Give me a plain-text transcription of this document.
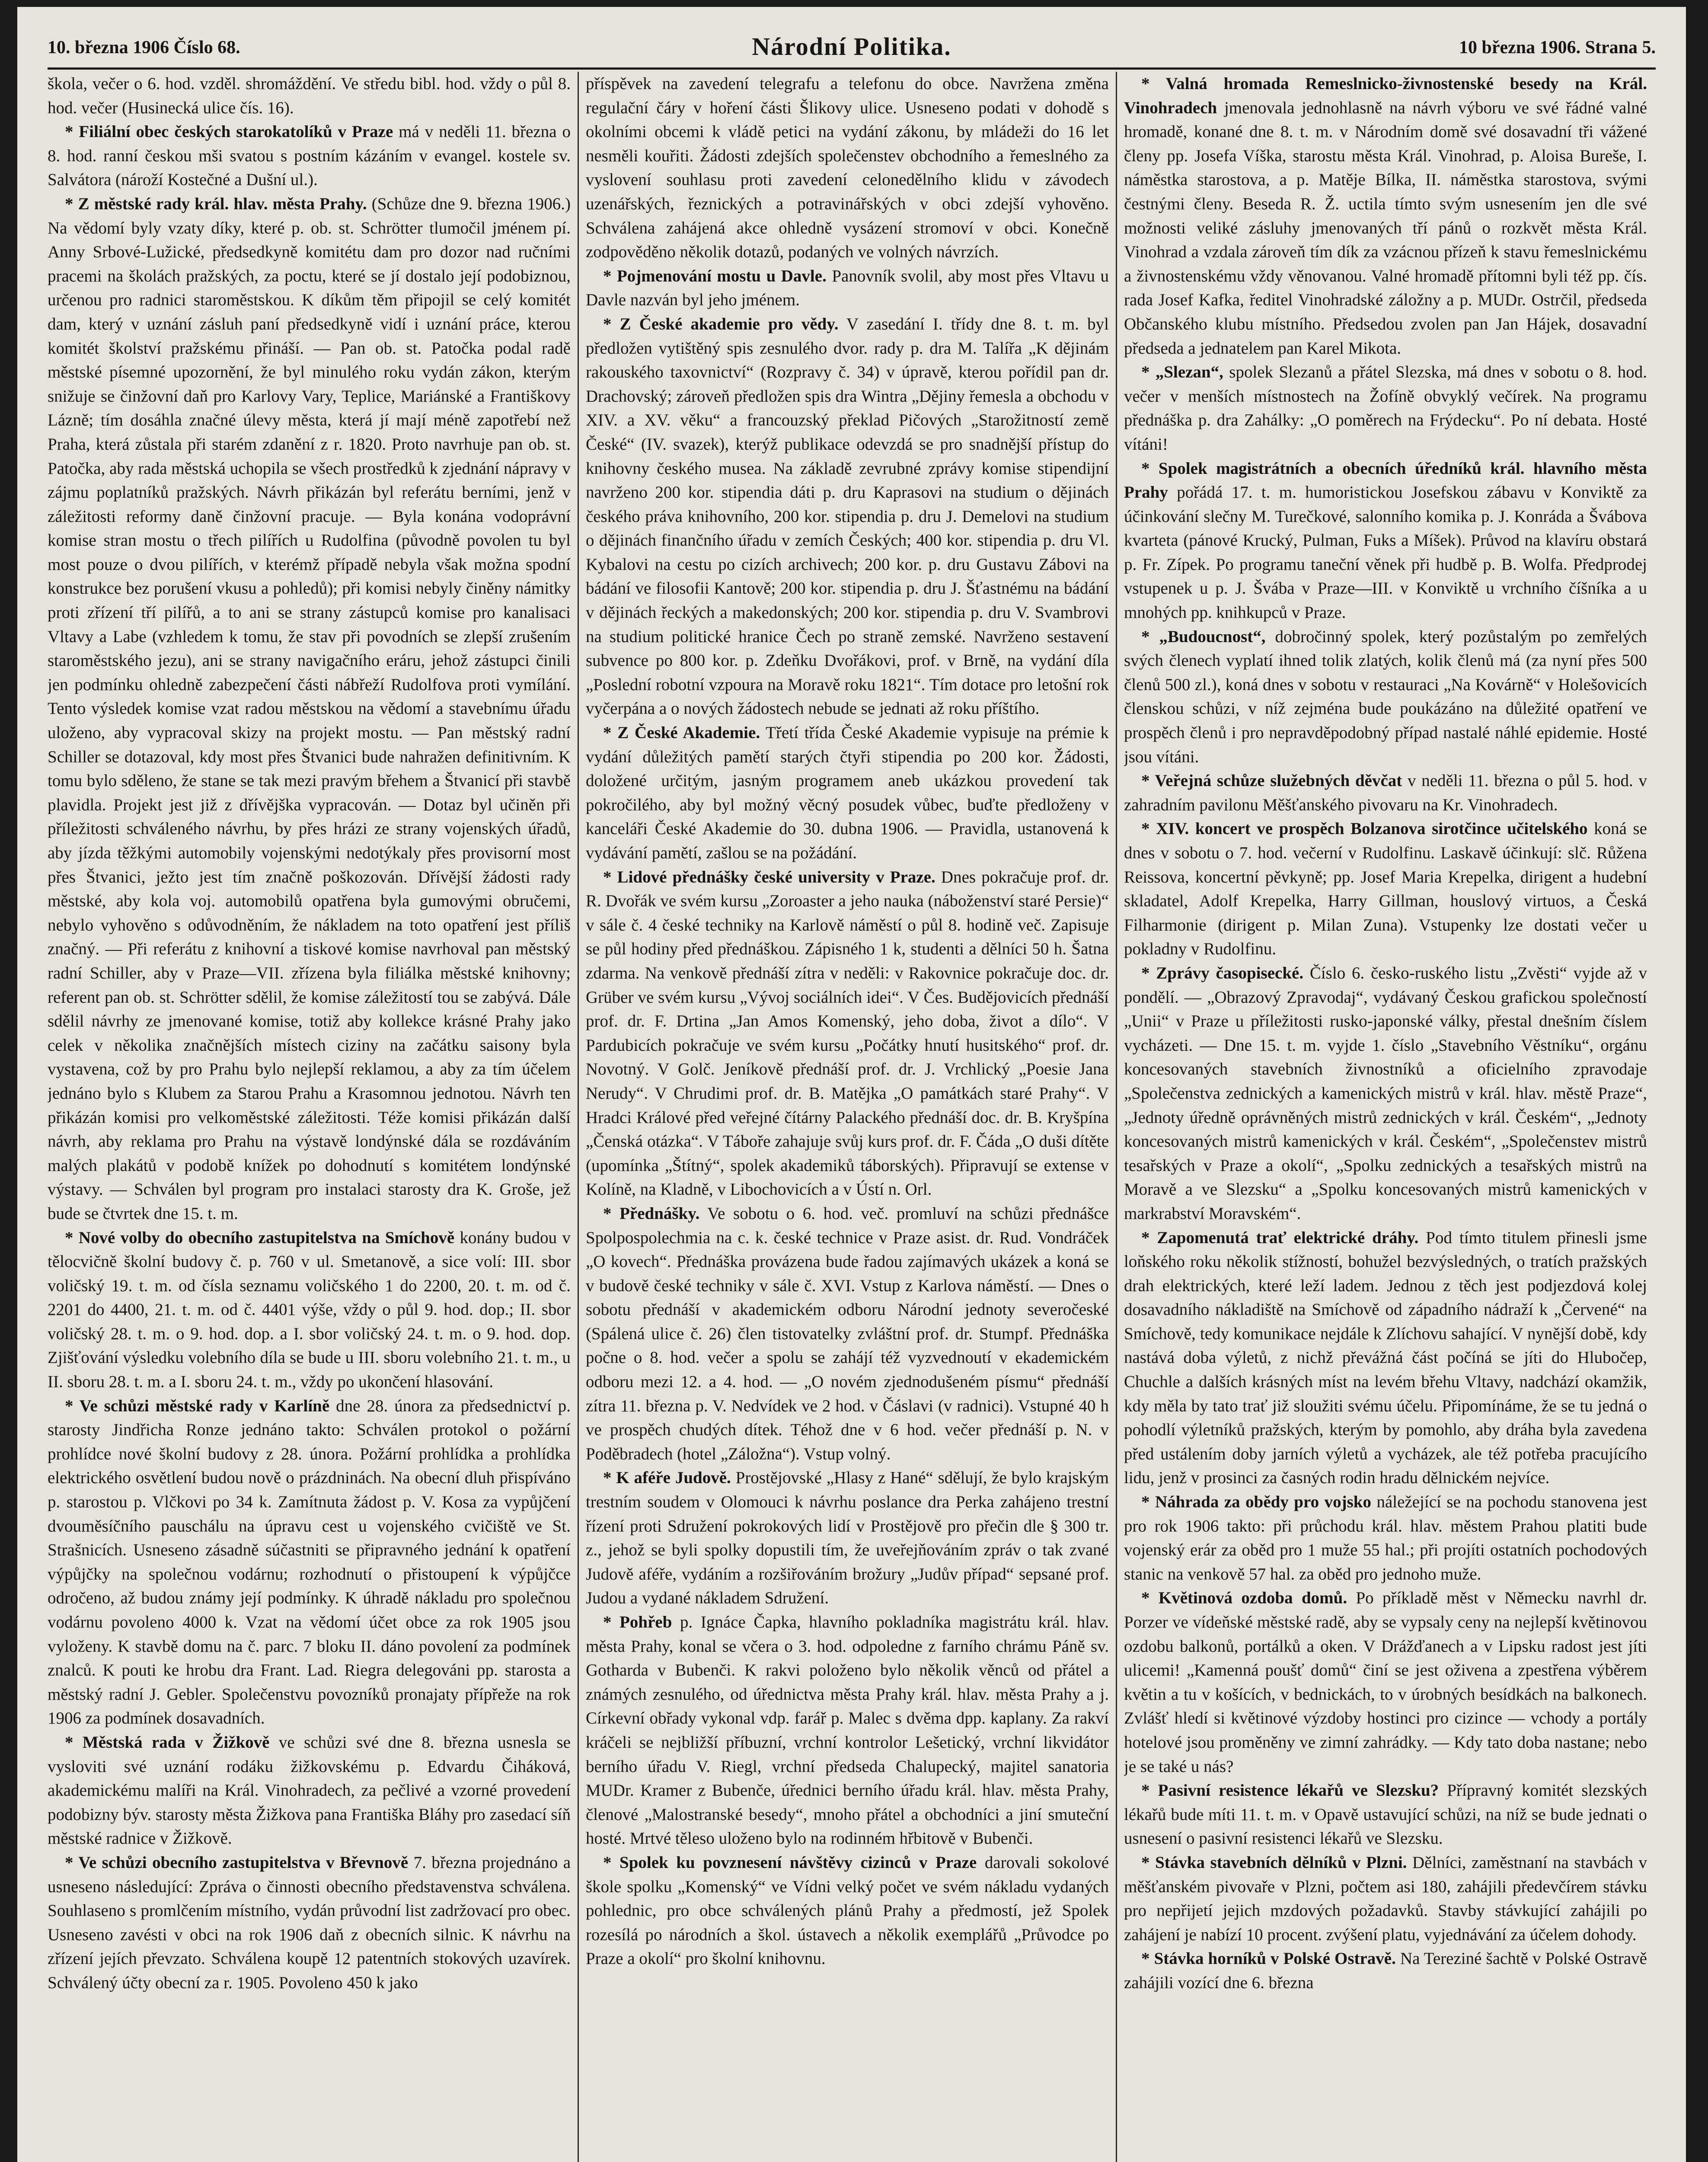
10. března 1906 Číslo 68.	Národní Politika.	10 března 1906. Strana 5.

škola, večer o 6. hod. vzděl. shromáždění. Ve středu bibl. hod. vždy o půl 8. hod. večer (Husinecká ulice čís. 16).

* Filiální obec českých starokatolíků v Praze má v neděli 11. března o 8. hod. ranní českou mši svatou s postním kázáním v evangel. kostele sv. Salvátora (nároží Kostečné a Dušní ul.).

* Z městské rady král. hlav. města Prahy. (Schůze dne 9. března 1906.) Na vědomí byly vzaty díky, které p. ob. st. Schrötter tlumočil jménem pí. Anny Srbové-Lužické, předsedkyně komitétu dam pro dozor nad ručními pracemi na školách pražských, za poctu, které se jí dostalo její podobiznou, určenou pro radnici staroměstskou. K díkům těm připojil se celý komitét dam, který v uznání zásluh paní předsedkyně vidí i uznání práce, kterou komitét školství pražskému přináší. — Pan ob. st. Patočka podal radě městské písemné upozornění, že byl minulého roku vydán zákon, kterým snižuje se činžovní daň pro Karlovy Vary, Teplice, Mariánské a Františkovy Lázně; tím dosáhla značné úlevy města, která jí mají méně zapotřebí než Praha, která zůstala při starém zdanění z r. 1820. Proto navrhuje pan ob. st. Patočka, aby rada městská uchopila se všech prostředků k zjednání nápravy v zájmu poplatníků pražských. Návrh přikázán byl referátu berními, jenž v záležitosti reformy daně činžovní pracuje. — Byla konána vodoprávní komise stran mostu o třech pilířích u Rudolfina (původně povolen tu byl most pouze o dvou pilířích, v kterémž případě nebyla však možna spodní konstrukce bez porušení vkusu a pohledů); při komisi nebyly činěny námitky proti zřízení tří pilířů, a to ani se strany zástupců komise pro kanalisaci Vltavy a Labe (vzhledem k tomu, že stav při povodních se zlepší zrušením staroměstského jezu), ani se strany navigačního eráru, jehož zástupci činili jen podmínku ohledně zabezpečení části nábřeží Rudolfova proti vymílání. Tento výsledek komise vzat radou městskou na vědomí a stavebnímu úřadu uloženo, aby vypracoval skizy na projekt mostu. — Pan městský radní Schiller se dotazoval, kdy most přes Štvanici bude nahražen definitivním. K tomu bylo sděleno, že stane se tak mezi pravým břehem a Štvanicí při stavbě plavidla. Projekt jest již z dřívějška vypracován. — Dotaz byl učiněn při příležitosti schváleného návrhu, by přes hrázi ze strany vojenských úřadů, aby jízda těžkými automobily vojenskými nedotýkaly přes provisorní most přes Štvanici, ježto jest tím značně poškozován. Dřívější žádosti rady městské, aby kola voj. automobilů opatřena byla gumovými obručemi, nebylo vyhověno s odůvodněním, že nákladem na toto opatření jest příliš značný. — Při referátu z knihovní a tiskové komise navrhoval pan městský radní Schiller, aby v Praze—VII. zřízena byla filiálka městské knihovny; referent pan ob. st. Schrötter sdělil, že komise záležitostí tou se zabývá. Dále sdělil návrhy ze jmenované komise, totiž aby kollekce krásné Prahy jako celek v několika značnějších místech ciziny na začátku saisony byla vystavena, což by pro Prahu bylo nejlepší reklamou, a aby za tím účelem jednáno bylo s Klubem za Starou Prahu a Krasomnou jednotou. Návrh ten přikázán komisi pro velkoměstské záležitosti. Téže komisi přikázán další návrh, aby reklama pro Prahu na výstavě londýnské dála se rozdáváním malých plakátů v podobě knížek po dohodnutí s komitétem londýnské výstavy. — Schválen byl program pro instalaci starosty dra K. Groše, jež bude se čtvrtek dne 15. t. m.

* Nové volby do obecního zastupitelstva na Smíchově konány budou v tělocvičně školní budovy č. p. 760 v ul. Smetanově, a sice volí: III. sbor voličský 19. t. m. od čísla seznamu voličského 1 do 2200, 20. t. m. od č. 2201 do 4400, 21. t. m. od č. 4401 výše, vždy o půl 9. hod. dop.; II. sbor voličský 28. t. m. o 9. hod. dop. a I. sbor voličský 24. t. m. o 9. hod. dop. Zjišťování výsledku volebního díla se bude u III. sboru volebního 21. t. m., u II. sboru 28. t. m. a I. sboru 24. t. m., vždy po ukončení hlasování.

* Ve schůzi městské rady v Karlíně dne 28. února za předsednictví p. starosty Jindřicha Ronze jednáno takto: Schválen protokol o požární prohlídce nové školní budovy z 28. února. Požární prohlídka a prohlídka elektrického osvětlení budou nově o prázdninách. Na obecní dluh přispíváno p. starostou p. Vlčkovi po 34 k. Zamítnuta žádost p. V. Kosa za vypůjčení dvouměsíčního pauschálu na úpravu cest u vojenského cvičiště ve St. Strašnicích. Usneseno zásadně súčastniti se připravného jednání k opatření výpůjčky na společnou vodárnu; rozhodnutí o přistoupení k výpůjčce odročeno, až budou známy její podmínky. K úhradě nákladu pro společnou vodárnu povoleno 4000 k. Vzat na vědomí účet obce za rok 1905 jsou vyloženy. K stavbě domu na č. parc. 7 bloku II. dáno povolení za podmínek znalců. K pouti ke hrobu dra Frant. Lad. Riegra delegováni pp. starosta a městský radní J. Gebler. Společenstvu povozníků pronajaty přípřeže na rok 1906 za podmínek dosavadních.

* Městská rada v Žižkově ve schůzi své dne 8. března usnesla se vysloviti své uznání rodáku žižkovskému p. Edvardu Čiháková, akademickému malíři na Král. Vinohradech, za pečlivé a vzorné provedení podobizny býv. starosty města Žižkova pana Františka Bláhy pro zasedací síň městské radnice v Žižkově.

* Ve schůzi obecního zastupitelstva v Břevnově 7. března projednáno a usneseno následující: Zpráva o činnosti obecního představenstva schválena. Souhlaseno s promlčením místního, vydán průvodní list zadržovací pro obec. Usneseno zavésti v obci na rok 1906 daň z obecních silnic. K návrhu na zřízení jejích převzato. Schválena koupě 12 patentních stokových uzavírek. Schválený účty obecní za r. 1905. Povoleno 450 k jako

příspěvek na zavedení telegrafu a telefonu do obce. Navržena změna regulační čáry v hoření části Šlikovy ulice. Usneseno podati v dohodě s okolními obcemi k vládě petici na vydání zákonu, by mládeži do 16 let nesměli kouřiti. Žádosti zdejších společenstev obchodního a řemeslného za vyslovení souhlasu proti zavedení celonedělního klidu v závodech uzenářských, řeznických a potravinářských v obci zdejší vyhověno. Schválena zahájená akce ohledně vysázení stromoví v obci. Konečně zodpověděno několik dotazů, podaných ve volných návrzích.

* Pojmenování mostu u Davle. Panovník svolil, aby most přes Vltavu u Davle nazván byl jeho jménem.

* Z České akademie pro vědy. V zasedání I. třídy dne 8. t. m. byl předložen vytištěný spis zesnulého dvor. rady p. dra M. Talířa „K dějinám rakouského taxovnictví“ (Rozpravy č. 34) v úpravě, kterou pořídil pan dr. Drachovský; zároveň předložen spis dra Wintra „Dějiny řemesla a obchodu v XIV. a XV. věku“ a francouzský překlad Pičových „Starožitností země České“ (IV. svazek), kterýž publikace odevzdá se pro snadnější přístup do knihovny českého musea. Na základě zevrubné zprávy komise stipendijní navrženo 200 kor. stipendia dáti p. dru Kaprasovi na studium o dějinách českého práva knihovního, 200 kor. stipendia p. dru J. Demelovi na studium o dějinách finančního úřadu v zemích Českých; 400 kor. stipendia p. dru Vl. Kybalovi na cestu po cizích archivech; 200 kor. p. dru Gustavu Zábovi na bádání ve filosofii Kantově; 200 kor. stipendia p. dru J. Šťastnému na bádání v dějinách řeckých a makedonských; 200 kor. stipendia p. dru V. Svambrovi na studium politické hranice Čech po straně zemské. Navrženo sestavení subvence po 800 kor. p. Zdeňku Dvořákovi, prof. v Brně, na vydání díla „Poslední robotní vzpoura na Moravě roku 1821“. Tím dotace pro letošní rok vyčerpána a o nových žádostech nebude se jednati až roku příštího.

* Z České Akademie. Třetí třída České Akademie vypisuje na prémie k vydání důležitých pamětí starých čtyři stipendia po 200 kor. Žádosti, doložené určitým, jasným programem aneb ukázkou provedení tak pokročilého, aby byl možný věcný posudek vůbec, buďte předloženy v kanceláři České Akademie do 30. dubna 1906. — Pravidla, ustanovená k vydávání pamětí, zašlou se na požádání.

* Lidové přednášky české university v Praze. Dnes pokračuje prof. dr. R. Dvořák ve svém kursu „Zoroaster a jeho nauka (náboženství staré Persie)“ v sále č. 4 české techniky na Karlově náměstí o půl 8. hodině več. Zapisuje se půl hodiny před přednáškou. Zápisného 1 k, studenti a dělníci 50 h. Šatna zdarma. Na venkově přednáší zítra v neděli: v Rakovnice pokračuje doc. dr. Grüber ve svém kursu „Vývoj sociálních idei“. V Čes. Budějovicích přednáší prof. dr. F. Drtina „Jan Amos Komenský, jeho doba, život a dílo“. V Pardubicích pokračuje ve svém kursu „Počátky hnutí husitského“ prof. dr. Novotný. V Golč. Jeníkově přednáší prof. dr. J. Vrchlický „Poesie Jana Nerudy“. V Chrudimi prof. dr. B. Matějka „O památkách staré Prahy“. V Hradci Králové před veřejné čítárny Palackého přednáší doc. dr. B. Kryšpína „Čenská otázka“. V Táboře zahajuje svůj kurs prof. dr. F. Čáda „O duši dítěte (upomínka „Štítný“, spolek akademiků táborských). Připravují se extense v Kolíně, na Kladně, v Libochovicích a v Ústí n. Orl.

* Přednášky. Ve sobotu o 6. hod. več. promluví na schůzi přednášce Spolpospolechmia na c. k. české technice v Praze asist. dr. Rud. Vondráček „O kovech“. Přednáška provázena bude řadou zajímavých ukázek a koná se v budově české techniky v sále č. XVI. Vstup z Karlova náměstí. — Dnes o sobotu přednáší v akademickém odboru Národní jednoty severočeské (Spálená ulice č. 26) člen tistovatelky zvláštní prof. dr. Stumpf. Přednáška počne o 8. hod. večer a spolu se zahájí též vyzvednoutí v ekademickém odboru mezi 12. a 4. hod. — „O novém zjednodušeném písmu“ přednáší zítra 11. března p. V. Nedvídek ve 2 hod. v Čáslavi (v radnici). Vstupné 40 h ve prospěch chudých dítek. Téhož dne v 6 hod. večer přednáší p. N. v Poděbradech (hotel „Záložna“). Vstup volný.

* K aféře Judově. Prostějovské „Hlasy z Hané“ sdělují, že bylo krajským trestním soudem v Olomouci k návrhu poslance dra Perka zahájeno trestní řízení proti Sdružení pokrokových lidí v Prostějově pro přečin dle § 300 tr. z., jehož se byli spolky dopustili tím, že uveřejňováním zpráv o tak zvané Judově aféře, vydáním a rozšiřováním brožury „Judův případ“ sepsané prof. Judou a vydané nákladem Sdružení.

* Pohřeb p. Ignáce Čapka, hlavního pokladníka magistrátu král. hlav. města Prahy, konal se včera o 3. hod. odpoledne z farního chrámu Páně sv. Gotharda v Bubenči. K rakvi položeno bylo několik věnců od přátel a známých zesnulého, od úřednictva města Prahy král. hlav. města Prahy a j. Církevní obřady vykonal vdp. farář p. Malec s dvěma dpp. kaplany. Za rakví kráčeli se nejbližší příbuzní, vrchní kontrolor Lešetický, vrchní likvidátor berního úřadu V. Riegl, vrchní předseda Chalupecký, majitel sanatoria MUDr. Kramer z Bubenče, úřednici berního úřadu král. hlav. města Prahy, členové „Malostranské besedy“, mnoho přátel a obchodníci a jiní smuteční hosté. Mrtvé těleso uloženo bylo na rodinném hřbitově v Bubenči.

* Spolek ku povznesení návštěvy cizinců v Praze darovali sokolové škole spolku „Komenský“ ve Vídni velký počet ve svém nákladu vydaných pohlednic, pro obce schválených plánů Prahy a předmostí, jež Spolek rozesílá po národních a škol. ústavech a několik exemplářů „Průvodce po Praze a okolí“ pro školní knihovnu.

* Valná hromada Remeslnicko-živnostenské besedy na Král. Vinohradech jmenovala jednohlasně na návrh výboru ve své řádné valné hromadě, konané dne 8. t. m. v Národním domě své dosavadní tři vážené členy pp. Josefa Víška, starostu města Král. Vinohrad, p. Aloisa Bureše, I. náměstka starostova, a p. Matěje Bílka, II. náměstka starostova, svými čestnými členy. Beseda R. Ž. uctila tímto svým usnesením jen dle své možnosti veliké zásluhy jmenovaných tří pánů o rozkvět města Král. Vinohrad a vzdala zároveň tím dík za vzácnou přízeň k stavu řemeslnickému a živnostenskému vždy věnovanou. Valné hromadě přítomni byli též pp. čís. rada Josef Kafka, ředitel Vinohradské záložny a p. MUDr. Ostrčil, předseda Občanského klubu místního. Předsedou zvolen pan Jan Hájek, dosavadní předseda a jednatelem pan Karel Mikota.

* „Slezan“, spolek Slezanů a přátel Slezska, má dnes v sobotu o 8. hod. večer v menších místnostech na Žofíně obvyklý večírek. Na programu přednáška p. dra Zahálky: „O poměrech na Frýdecku“. Po ní debata. Hosté vítáni!

* Spolek magistrátních a obecních úředníků král. hlavního města Prahy pořádá 17. t. m. humoristickou Josefskou zábavu v Konviktě za účinkování slečny M. Turečkové, salonního komika p. J. Konráda a Švábova kvarteta (pánové Krucký, Pulman, Fuks a Míšek). Průvod na klavíru obstará p. Fr. Zípek. Po programu taneční věnek při hudbě p. B. Wolfa. Předprodej vstupenek u p. J. Švába v Praze—III. v Konviktě u vrchního číšníka a u mnohých pp. knihkupců v Praze.

* „Budoucnost“, dobročinný spolek, který pozůstalým po zemřelých svých členech vyplatí ihned tolik zlatých, kolik členů má (za nyní přes 500 členů 500 zl.), koná dnes v sobotu v restauraci „Na Kovárně“ v Holešovicích členskou schůzi, v níž zejména bude poukázáno na důležité opatření ve prospěch členů i pro nepravděpodobný případ nastalé náhlé epidemie. Hosté jsou vítáni.

* Veřejná schůze služebných děvčat v neděli 11. března o půl 5. hod. v zahradním pavilonu Měšťanského pivovaru na Kr. Vinohradech.

* XIV. koncert ve prospěch Bolzanova sirotčince učitelského koná se dnes v sobotu o 7. hod. večerní v Rudolfinu. Laskavě účinkují: slč. Růžena Reissova, koncertní pěvkyně; pp. Josef Maria Krepelka, dirigent a hudební skladatel, Adolf Krepelka, Harry Gillman, houslový virtuos, a Česká Filharmonie (dirigent p. Milan Zuna). Vstupenky lze dostati večer u pokladny v Rudolfinu.

* Zprávy časopisecké. Číslo 6. česko-ruského listu „Zvěsti“ vyjde až v pondělí. — „Obrazový Zpravodaj“, vydávaný Českou grafickou společností „Unii“ v Praze u příležitosti rusko-japonské války, přestal dnešním číslem vycházeti. — Dne 15. t. m. vyjde 1. číslo „Stavebního Věstníku“, orgánu koncesovaných stavebních živnostníků a oficielního zpravodaje „Společenstva zednických a kamenických mistrů v král. hlav. městě Praze“, „Jednoty úředně oprávněných mistrů zednických v král. Českém“, „Jednoty koncesovaných mistrů kamenických v král. Českém“, „Společenstev mistrů tesařských v Praze a okolí“, „Spolku zednických a tesařských mistrů na Moravě a ve Slezsku“ a „Spolku koncesovaných mistrů kamenických v markrabství Moravském“.

* Zapomenutá trať elektrické dráhy. Pod tímto titulem přinesli jsme loňského roku několik stížností, bohužel bezvýsledných, o tratích pražských drah elektrických, které leží ladem. Jednou z těch jest podjezdová kolej dosavadního nákladiště na Smíchově od západního nádraží k „Červené“ na Smíchově, tedy komunikace nejdále k Zlíchovu sahající. V nynější době, kdy nastává doba výletů, z nichž převážná část počíná se jíti do Hlubočep, Chuchle a dalších krásných míst na levém břehu Vltavy, nadchází okamžik, kdy měla by tato trať již sloužiti svému účelu. Připomínáme, že se tu jedná o pohodlí výletníků pražských, kterým by pomohlo, aby dráha byla zavedena před ustálením doby jarních výletů a vycházek, ale též potřeba pracujícího lidu, jenž v prosinci za časných rodin hradu dělnickém nejvíce.

* Náhrada za obědy pro vojsko náležející se na pochodu stanovena jest pro rok 1906 takto: při průchodu král. hlav. městem Prahou platiti bude vojenský erár za oběd pro 1 muže 55 hal.; při projíti ostatních pochodových stanic na venkově 57 hal. za oběd pro jednoho muže.

* Květinová ozdoba domů. Po příkladě měst v Německu navrhl dr. Porzer ve vídeňské městské radě, aby se vypsaly ceny na nejlepší květinovou ozdobu balkonů, portálků a oken. V Drážďanech a v Lipsku radost jest jíti ulicemi! „Kamenná poušť domů“ činí se jest oživena a zpestřena výběrem květin a tu v košících, v bednickách, to v úrobných besídkách na balkonech. Zvlášť hledí si květinové výzdoby hostinci pro cizince — vchody a portály hotelové jsou proměněny ve zimní zahrádky. — Kdy tato doba nastane; nebo je se také u nás?

* Pasivní resistence lékařů ve Slezsku? Přípravný komitét slezských lékařů bude míti 11. t. m. v Opavě ustavující schůzi, na níž se bude jednati o usnesení o pasivní resistenci lékařů ve Slezsku.

* Stávka stavebních dělníků v Plzni. Dělníci, zaměstnaní na stavbách v měšťanském pivovaře v Plzni, počtem asi 180, zahájili předevčírem stávku pro nepřijetí jejich mzdových požadavků. Stavby stávkující zahájili po zahájení je nabízí 10 procent. zvýšení platu, vyjednávání za účelem dohody.

* Stávka horníků v Polské Ostravě. Na Tereziné šachtě v Polské Ostravě zahájili vozící dne 6. března
